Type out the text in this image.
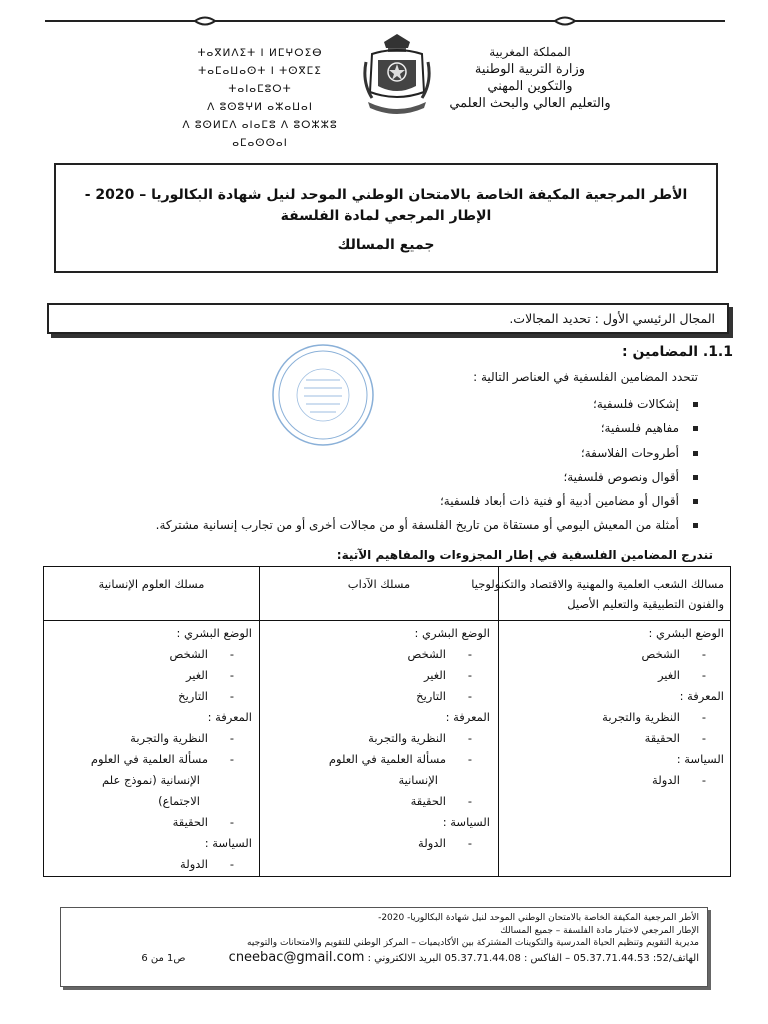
ⵜⴰⴳⵍⴷⵉⵜ ⵏ ⵍⵎⵖⵔⵉⴱ
ⵜⴰⵎⴰⵡⴰⵙⵜ ⵏ ⵜⵙⴳⵎⵉ ⵜⴰⵏⴰⵎⵓⵔⵜ
ⴷ ⵓⵙⵓⵖⵍ ⴰⵣⴰⵡⴰⵏ
ⴷ ⵓⵙⵍⵎⴷ ⴰⵏⴰⵎⵓ ⴷ ⵓⵔⵣⵣⵓ ⴰⵎⴰⵙⵙⴰⵏ
المملكة المغربية
وزارة التربية الوطنية
والتكوين المهني
والتعليم العالي والبحث العلمي
الأطر المرجعية المكيفة الخاصة بالامتحان الوطني الموحد لنيل شهادة البكالوريا – 2020 -
الإطار المرجعي لمادة الفلسفة
جميع المسالك
المجال الرئيسي الأول : تحديد المجالات.
1.1. المضامين :
تتحدد المضامين الفلسفية في العناصر التالية :
إشكالات فلسفية؛
مفاهيم فلسفية؛
أطروحات الفلاسفة؛
أقوال ونصوص فلسفية؛
أقوال أو مضامين أدبية أو فنية ذات أبعاد فلسفية؛
أمثلة من المعيش اليومي أو مستقاة من تاريخ الفلسفة أو من مجالات أخرى أو من تجارب إنسانية مشتركة.
تندرج المضامين الفلسفية في إطار المجزوءات والمفاهيم الآتية:
مسالك الشعب العلمية والمهنية والاقتصاد والتكنولوجيا
والفنون التطبيقية والتعليم الأصيل
مسلك الآداب
مسلك العلوم الإنسانية
الوضع البشري :
-الشخص
-الغير
المعرفة :
-النظرية والتجربة
-الحقيقة
السياسة :
-الدولة
الوضع البشري :
-الشخص
-الغير
-التاريخ
المعرفة :
-النظرية والتجربة
-مسألة العلمية في العلوم
الإنسانية
-الحقيقة
السياسة :
-الدولة
الوضع البشري :
-الشخص
-الغير
-التاريخ
المعرفة :
-النظرية والتجربة
-مسألة العلمية في العلوم
الإنسانية (نموذج علم
الاجتماع)
-الحقيقة
السياسة :
-الدولة
الأطر المرجعية المكيفة الخاصة بالامتحان الوطني الموحد لنيل شهادة البكالوريا- 2020-
الإطار المرجعي لاختبار مادة الفلسفة – جميع المسالك
مديرية التقويم وتنظيم الحياة المدرسية والتكوينات المشتركة بين الأكاديميات – المركز الوطني للتقويم والامتحانات والتوجيه
الهاتف/52: 05.37.71.44.53 – الفاكس : 05.37.71.44.08 البريد الالكتروني : cneebac@gmail.com ص1 من 6
